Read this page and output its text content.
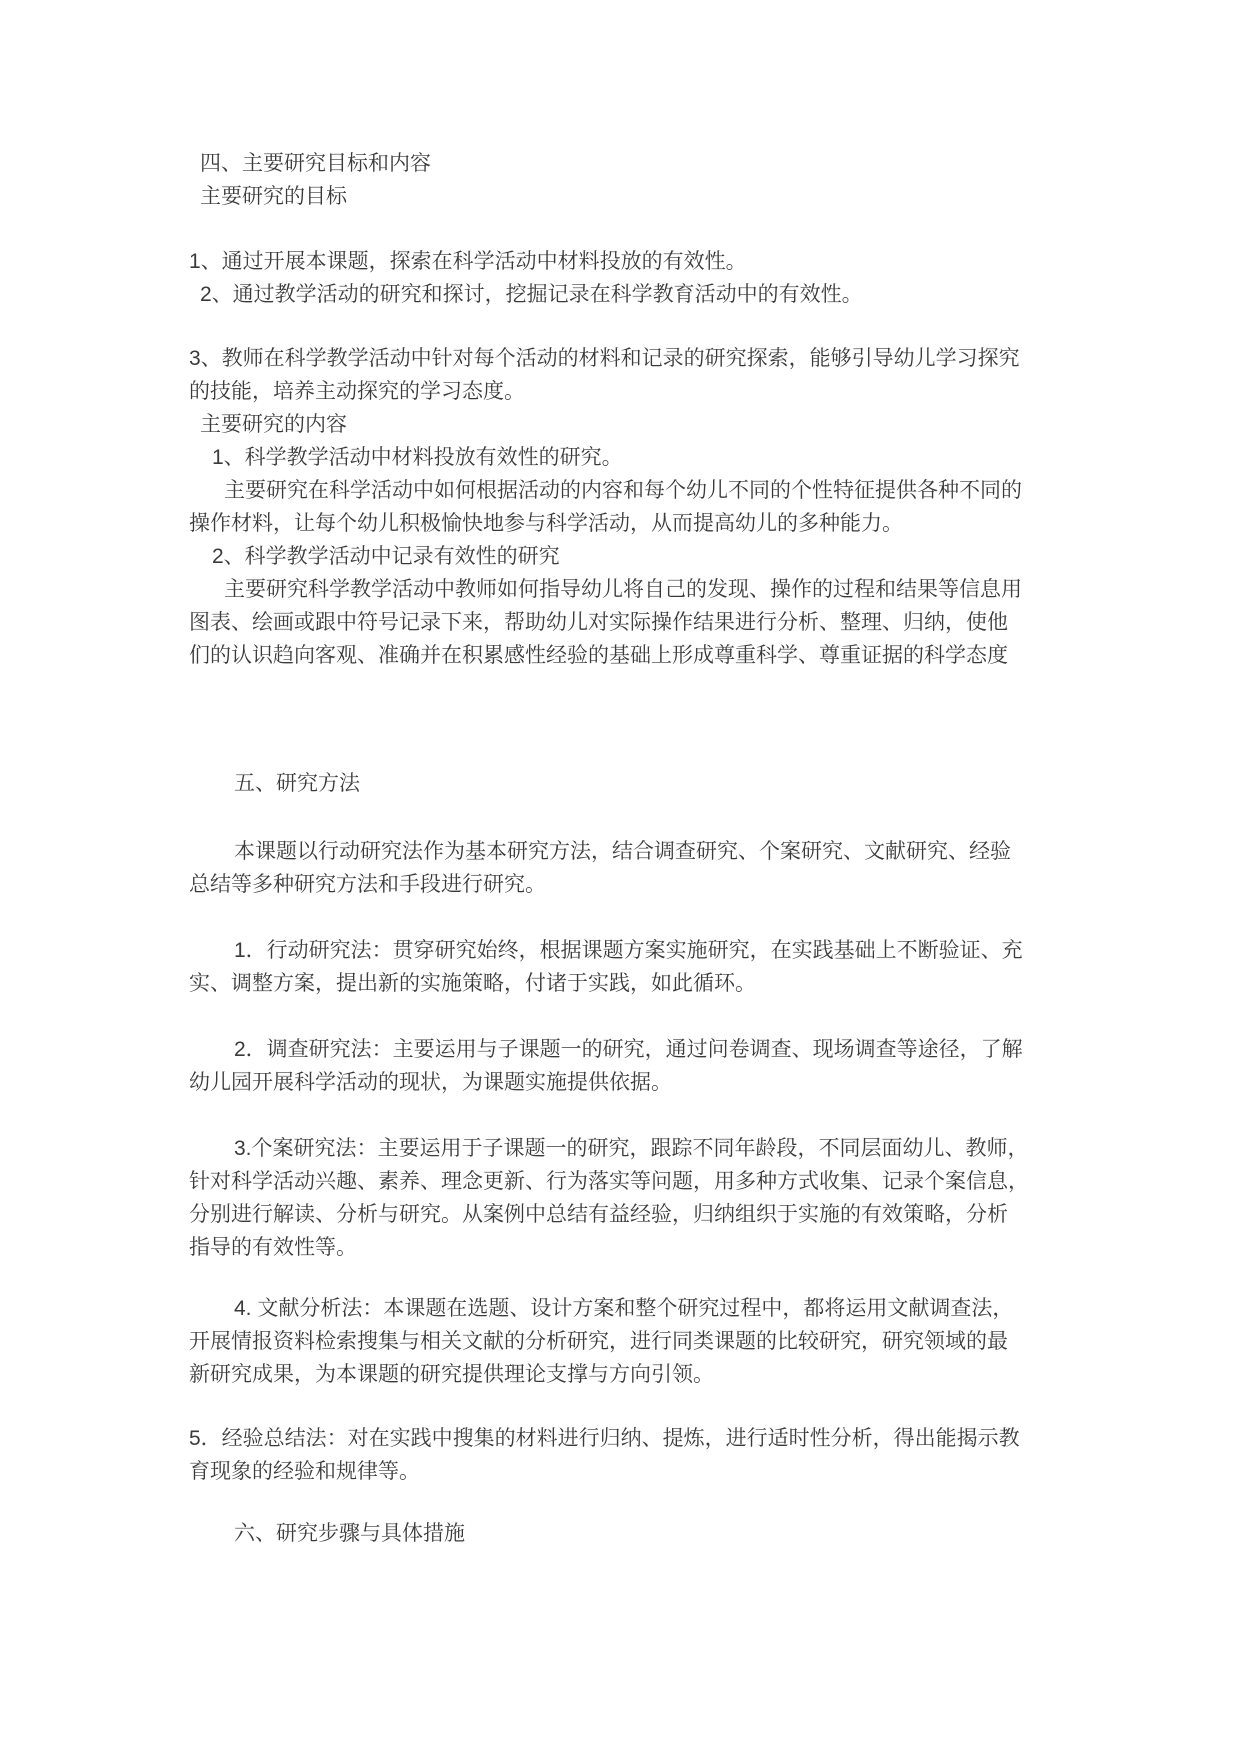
四、主要研究目标和内容
主要研究的目标
1、通过开展本课题，探索在科学活动中材料投放的有效性。
2、通过教学活动的研究和探讨，挖掘记录在科学教育活动中的有效性。
3、教师在科学教学活动中针对每个活动的材料和记录的研究探索，能够引导幼儿学习探究
的技能，培养主动探究的学习态度。
主要研究的内容
1、科学教学活动中材料投放有效性的研究。
主要研究在科学活动中如何根据活动的内容和每个幼儿不同的个性特征提供各种不同的
操作材料，让每个幼儿积极愉快地参与科学活动，从而提高幼儿的多种能力。
2、科学教学活动中记录有效性的研究
主要研究科学教学活动中教师如何指导幼儿将自己的发现、操作的过程和结果等信息用
图表、绘画或跟中符号记录下来，帮助幼儿对实际操作结果进行分析、整理、归纳，使他
们的认识趋向客观、准确并在积累感性经验的基础上形成尊重科学、尊重证据的科学态度
五、研究方法
本课题以行动研究法作为基本研究方法，结合调查研究、个案研究、文献研究、经验
总结等多种研究方法和手段进行研究。
1．行动研究法：贯穿研究始终，根据课题方案实施研究，在实践基础上不断验证、充
实、调整方案，提出新的实施策略，付诸于实践，如此循环。
2．调查研究法：主要运用与子课题一的研究，通过问卷调查、现场调查等途径，了解
幼儿园开展科学活动的现状，为课题实施提供依据。
3.个案研究法：主要运用于子课题一的研究，跟踪不同年龄段，不同层面幼儿、教师，
针对科学活动兴趣、素养、理念更新、行为落实等问题，用多种方式收集、记录个案信息，
分别进行解读、分析与研究。从案例中总结有益经验，归纳组织于实施的有效策略，分析
指导的有效性等。
4. 文献分析法：本课题在选题、设计方案和整个研究过程中，都将运用文献调查法，
开展情报资料检索搜集与相关文献的分析研究，进行同类课题的比较研究，研究领域的最
新研究成果，为本课题的研究提供理论支撑与方向引领。
5．经验总结法：对在实践中搜集的材料进行归纳、提炼，进行适时性分析，得出能揭示教
育现象的经验和规律等。
六、研究步骤与具体措施
